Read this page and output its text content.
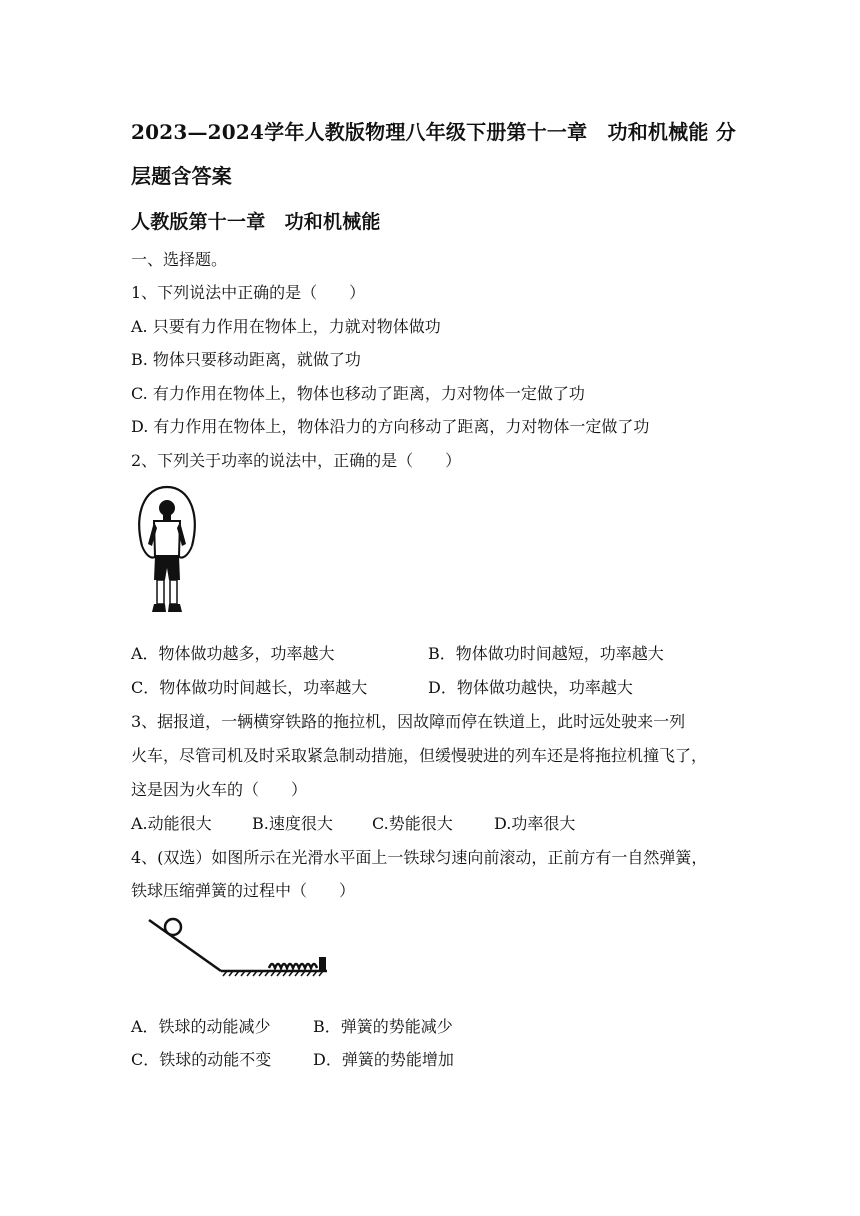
2023—2024学年人教版物理八年级下册第十一章　功和机械能 分
层题含答案
人教版第十一章　功和机械能
一、选择题。
1、下列说法中正确的是（　　）
A. 只要有力作用在物体上，力就对物体做功
B. 物体只要移动距离，就做了功
C. 有力作用在物体上，物体也移动了距离，力对物体一定做了功
D. 有力作用在物体上，物体沿力的方向移动了距离，力对物体一定做了功
2、下列关于功率的说法中，正确的是（　　）
A．物体做功越多，功率越大	B．物体做功时间越短，功率越大
C．物体做功时间越长，功率越大	D．物体做功越快，功率越大
3、据报道，一辆横穿铁路的拖拉机，因故障而停在铁道上，此时远处驶来一列
火车，尽管司机及时采取紧急制动措施，但缓慢驶进的列车还是将拖拉机撞飞了，
这是因为火车的（　　）
A.动能很大	B.速度很大 C.势能很大	D.功率很大
4、(双选）如图所示在光滑水平面上一铁球匀速向前滚动，正前方有一自然弹簧，
铁球压缩弹簧的过程中（　　）
A．铁球的动能减少	B．弹簧的势能减少
C．铁球的动能不变	D．弹簧的势能增加
